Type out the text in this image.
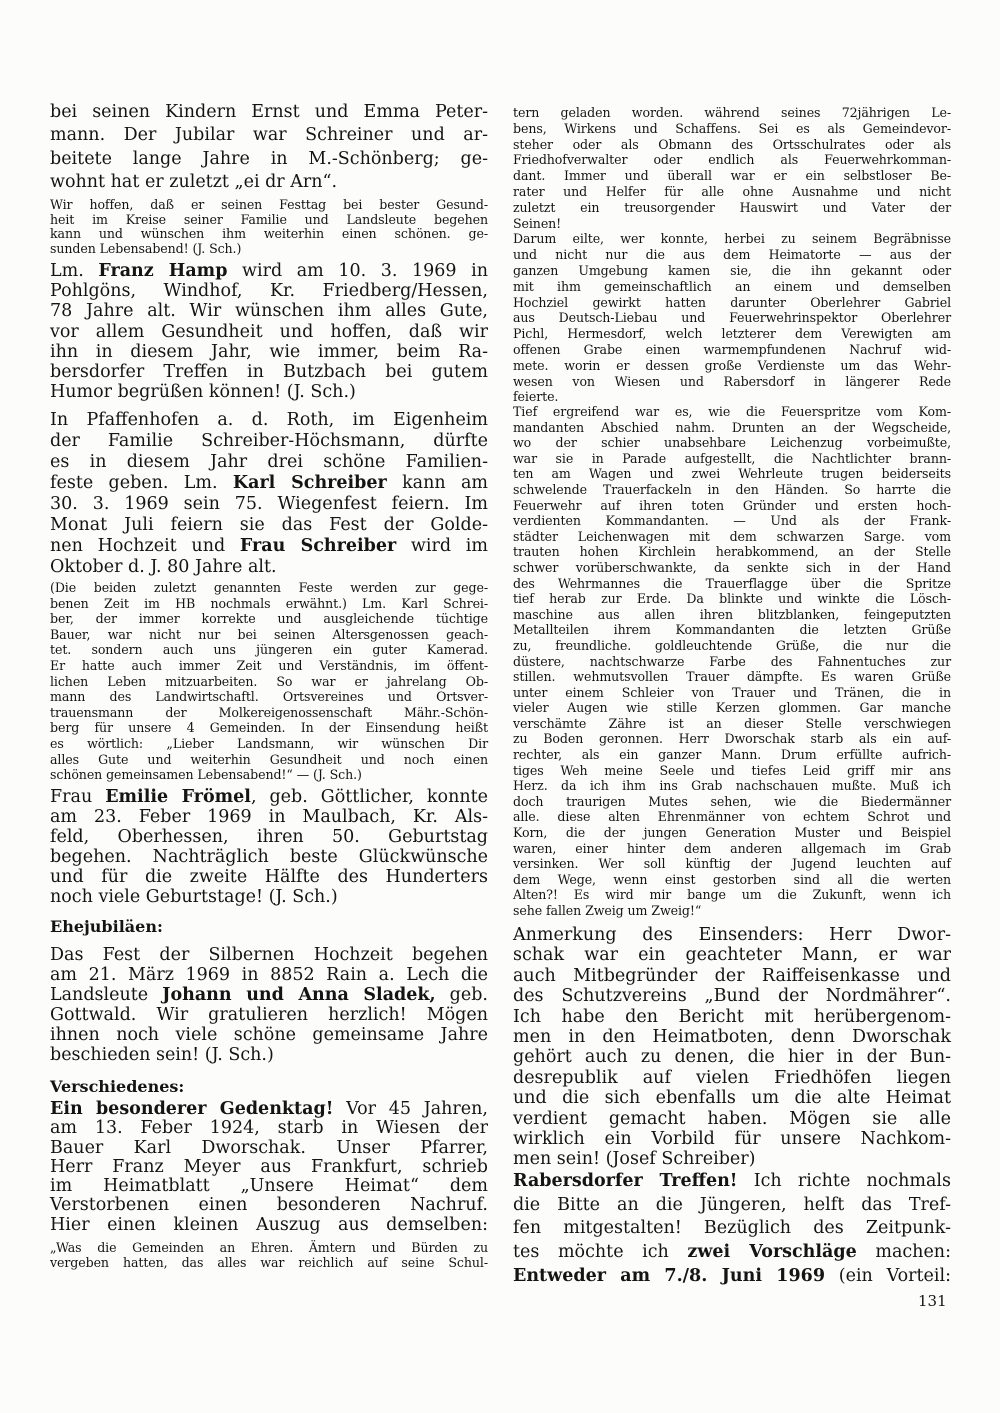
bei seinen Kindern Ernst und Emma Peter-
mann. Der Jubilar war Schreiner und ar-
beitete lange Jahre in M.-Schönberg; ge-
wohnt hat er zuletzt „ei dr Arn“.
Wir hoffen, daß er seinen Festtag bei bester Gesund-
heit im Kreise seiner Familie und Landsleute begehen
kann und wünschen ihm weiterhin einen schönen. ge-
sunden Lebensabend! (J. Sch.)
Lm. Franz Hamp wird am 10. 3. 1969 in
Pohlgöns, Windhof, Kr. Friedberg/Hessen,
78 Jahre alt. Wir wünschen ihm alles Gute,
vor allem Gesundheit und hoffen, daß wir
ihn in diesem Jahr, wie immer, beim Ra-
bersdorfer Treffen in Butzbach bei gutem
Humor begrüßen können! (J. Sch.)
In Pfaffenhofen a. d. Roth, im Eigenheim
der Familie Schreiber-Höchsmann, dürfte
es in diesem Jahr drei schöne Familien-
feste geben. Lm. Karl Schreiber kann am
30. 3. 1969 sein 75. Wiegenfest feiern. Im
Monat Juli feiern sie das Fest der Golde-
nen Hochzeit und Frau Schreiber wird im
Oktober d. J. 80 Jahre alt.
(Die beiden zuletzt genannten Feste werden zur gege-
benen Zeit im HB nochmals erwähnt.) Lm. Karl Schrei-
ber, der immer korrekte und ausgleichende tüchtige
Bauer, war nicht nur bei seinen Altersgenossen geach-
tet. sondern auch uns jüngeren ein guter Kamerad.
Er hatte auch immer Zeit und Verständnis, im öffent-
lichen Leben mitzuarbeiten. So war er jahrelang Ob-
mann des Landwirtschaftl. Ortsvereines und Ortsver-
trauensmann der Molkereigenossenschaft Mähr.-Schön-
berg für unsere 4 Gemeinden. In der Einsendung heißt
es wörtlich: „Lieber Landsmann, wir wünschen Dir
alles Gute und weiterhin Gesundheit und noch einen
schönen gemeinsamen Lebensabend!“ — (J. Sch.)
Frau Emilie Frömel, geb. Göttlicher, konnte
am 23. Feber 1969 in Maulbach, Kr. Als-
feld, Oberhessen, ihren 50. Geburtstag
begehen. Nachträglich beste Glückwünsche
und für die zweite Hälfte des Hunderters
noch viele Geburtstage! (J. Sch.)
Ehejubiläen:
Das Fest der Silbernen Hochzeit begehen
am 21. März 1969 in 8852 Rain a. Lech die
Landsleute Johann und Anna Sladek, geb.
Gottwald. Wir gratulieren herzlich! Mögen
ihnen noch viele schöne gemeinsame Jahre
beschieden sein! (J. Sch.)
Verschiedenes:
Ein besonderer Gedenktag! Vor 45 Jahren,
am 13. Feber 1924, starb in Wiesen der
Bauer Karl Dworschak. Unser Pfarrer,
Herr Franz Meyer aus Frankfurt, schrieb
im Heimatblatt „Unsere Heimat“ dem
Verstorbenen einen besonderen Nachruf.
Hier einen kleinen Auszug aus demselben:
„Was die Gemeinden an Ehren. Ämtern und Bürden zu
vergeben hatten, das alles war reichlich auf seine Schul-
tern geladen worden. während seines 72jährigen Le-
bens, Wirkens und Schaffens. Sei es als Gemeindevor-
steher oder als Obmann des Ortsschulrates oder als
Friedhofverwalter oder endlich als Feuerwehrkomman-
dant. Immer und überall war er ein selbstloser Be-
rater und Helfer für alle ohne Ausnahme und nicht
zuletzt ein treusorgender Hauswirt und Vater der
Seinen!
Darum eilte, wer konnte, herbei zu seinem Begräbnisse
und nicht nur die aus dem Heimatorte — aus der
ganzen Umgebung kamen sie, die ihn gekannt oder
mit ihm gemeinschaftlich an einem und demselben
Hochziel gewirkt hatten darunter Oberlehrer Gabriel
aus Deutsch-Liebau und Feuerwehrinspektor Oberlehrer
Pichl, Hermesdorf, welch letzterer dem Verewigten am
offenen Grabe einen warmempfundenen Nachruf wid-
mete. worin er dessen große Verdienste um das Wehr-
wesen von Wiesen und Rabersdorf in längerer Rede
feierte.
Tief ergreifend war es, wie die Feuerspritze vom Kom-
mandanten Abschied nahm. Drunten an der Wegscheide,
wo der schier unabsehbare Leichenzug vorbeimußte,
war sie in Parade aufgestellt, die Nachtlichter brann-
ten am Wagen und zwei Wehrleute trugen beiderseits
schwelende Trauerfackeln in den Händen. So harrte die
Feuerwehr auf ihren toten Gründer und ersten hoch-
verdienten Kommandanten. — Und als der Frank-
städter Leichenwagen mit dem schwarzen Sarge. vom
trauten hohen Kirchlein herabkommend, an der Stelle
schwer vorüberschwankte, da senkte sich in der Hand
des Wehrmannes die Trauerflagge über die Spritze
tief herab zur Erde. Da blinkte und winkte die Lösch-
maschine aus allen ihren blitzblanken, feingeputzten
Metallteilen ihrem Kommandanten die letzten Grüße
zu, freundliche. goldleuchtende Grüße, die nur die
düstere, nachtschwarze Farbe des Fahnentuches zur
stillen. wehmutsvollen Trauer dämpfte. Es waren Grüße
unter einem Schleier von Trauer und Tränen, die in
vieler Augen wie stille Kerzen glommen. Gar manche
verschämte Zähre ist an dieser Stelle verschwiegen
zu Boden geronnen. Herr Dworschak starb als ein auf-
rechter, als ein ganzer Mann. Drum erfüllte aufrich-
tiges Weh meine Seele und tiefes Leid griff mir ans
Herz. da ich ihm ins Grab nachschauen mußte. Muß ich
doch traurigen Mutes sehen, wie die Biedermänner
alle. diese alten Ehrenmänner von echtem Schrot und
Korn, die der jungen Generation Muster und Beispiel
waren, einer hinter dem anderen allgemach im Grab
versinken. Wer soll künftig der Jugend leuchten auf
dem Wege, wenn einst gestorben sind all die werten
Alten?! Es wird mir bange um die Zukunft, wenn ich
sehe fallen Zweig um Zweig!“
Anmerkung des Einsenders: Herr Dwor-
schak war ein geachteter Mann, er war
auch Mitbegründer der Raiffeisenkasse und
des Schutzvereins „Bund der Nordmährer“.
Ich habe den Bericht mit herübergenom-
men in den Heimatboten, denn Dworschak
gehört auch zu denen, die hier in der Bun-
desrepublik auf vielen Friedhöfen liegen
und die sich ebenfalls um die alte Heimat
verdient gemacht haben. Mögen sie alle
wirklich ein Vorbild für unsere Nachkom-
men sein! (Josef Schreiber)
Rabersdorfer Treffen! Ich richte nochmals
die Bitte an die Jüngeren, helft das Tref-
fen mitgestalten! Bezüglich des Zeitpunk-
tes möchte ich zwei Vorschläge machen:
Entweder am 7./8. Juni 1969 (ein Vorteil:
131
